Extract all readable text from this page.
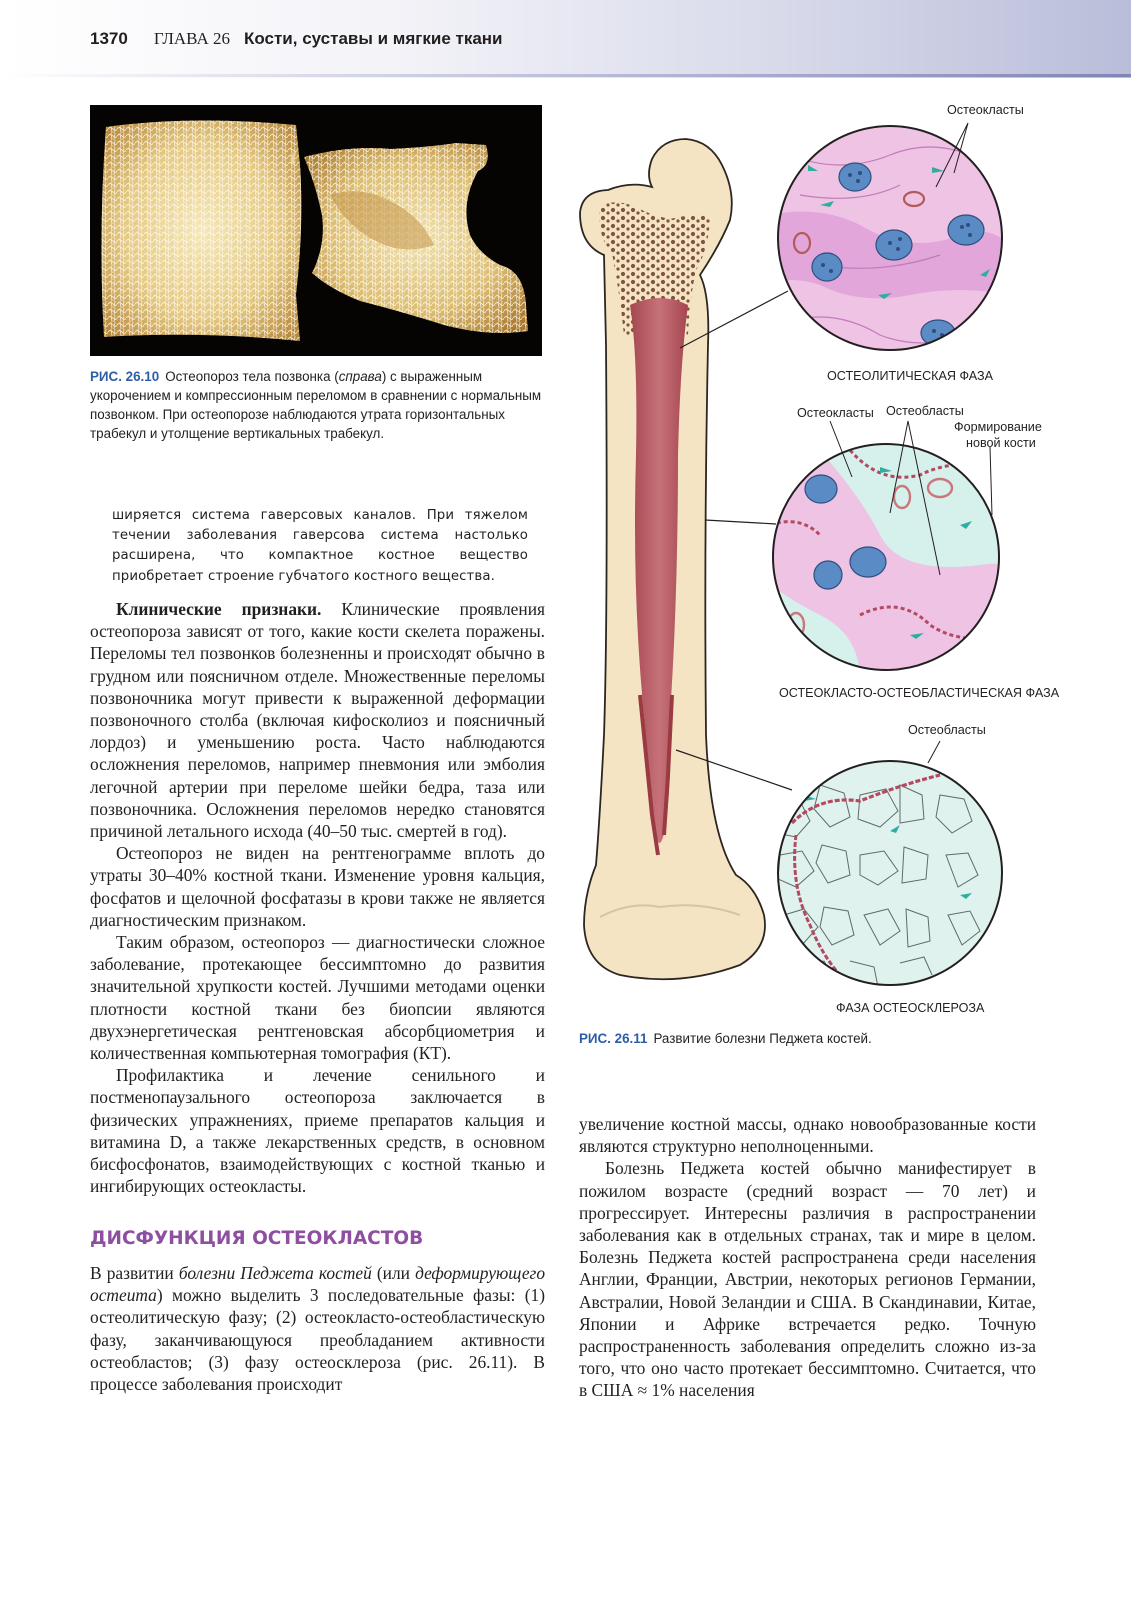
1370 ГЛАВА 26 Кости, суставы и мягкие ткани
РИС. 26.10 Остеопороз тела позвонка (справа) с выраженным укорочением и компрессионным переломом в сравнении с нормальным позвонком. При остеопорозе наблюдаются утрата горизонтальных трабекул и утолщение вертикальных трабекул.
ширяется система гаверсовых каналов. При тяжелом течении заболевания гаверсова система настолько расширена, что компактное костное вещество приобретает строение губчатого костного вещества.

Клинические признаки. Клинические проявления остеопороза зависят от того, какие кости скелета поражены. Переломы тел позвонков болезненны и происходят обычно в грудном или поясничном отделе. Множественные переломы позвоночника могут привести к выраженной деформации позвоночного столба (включая кифосколиоз и поясничный лордоз) и уменьшению роста. Часто наблюдаются осложнения переломов, например пневмония или эмболия легочной артерии при переломе шейки бедра, таза или позвоночника. Осложнения переломов нередко становятся причиной летального исхода (40–50 тыс. смертей в год).

Остеопороз не виден на рентгенограмме вплоть до утраты 30–40% костной ткани. Изменение уровня кальция, фосфатов и щелочной фосфатазы в крови также не является диагностическим признаком.

Таким образом, остеопороз — диагностически сложное заболевание, протекающее бессимптомно до развития значительной хрупкости костей. Лучшими методами оценки плотности костной ткани без биопсии являются двухэнергетическая рентгеновская абсорбциометрия и количественная компьютерная томография (КТ).

Профилактика и лечение сенильного и постменопаузального остеопороза заключается в физических упражнениях, приеме препаратов кальция и витамина D, а также лекарственных средств, в основном бисфосфонатов, взаимодействующих с костной тканью и ингибирующих остеокласты.

ДИСФУНКЦИЯ ОСТЕОКЛАСТОВ

В развитии болезни Педжета костей (или деформирующего остеита) можно выделить 3 последовательные фазы: (1) остеолитическую фазу; (2) остеокласто-остеобластическую фазу, заканчивающуюся преобладанием активности остеобластов; (3) фазу остеосклероза (рис. 26.11). В процессе заболевания происходит

увеличение костной массы, однако новообразованные кости являются структурно неполноценными.

Болезнь Педжета костей обычно манифестирует в пожилом возрасте (средний возраст — 70 лет) и прогрессирует. Интересны различия в распространении заболевания как в отдельных странах, так и мире в целом. Болезнь Педжета костей распространена среди населения Англии, Франции, Австрии, некоторых регионов Германии, Австралии, Новой Зеландии и США. В Скандинавии, Китае, Японии и Африке встречается редко. Точную распространенность заболевания определить сложно из-за того, что оно часто протекает бессимптомно. Считается, что в США ≈ 1% населения

Остеокласты
ОСТЕОЛИТИЧЕСКАЯ ФАЗА
Остеокласты Остеобласты
Формирование
новой кости
ОСТЕОКЛАСТО-ОСТЕОБЛАСТИЧЕСКАЯ ФАЗА
Остеобласты
ФАЗА ОСТЕОСКЛЕРОЗА
РИС. 26.11 Развитие болезни Педжета костей.
